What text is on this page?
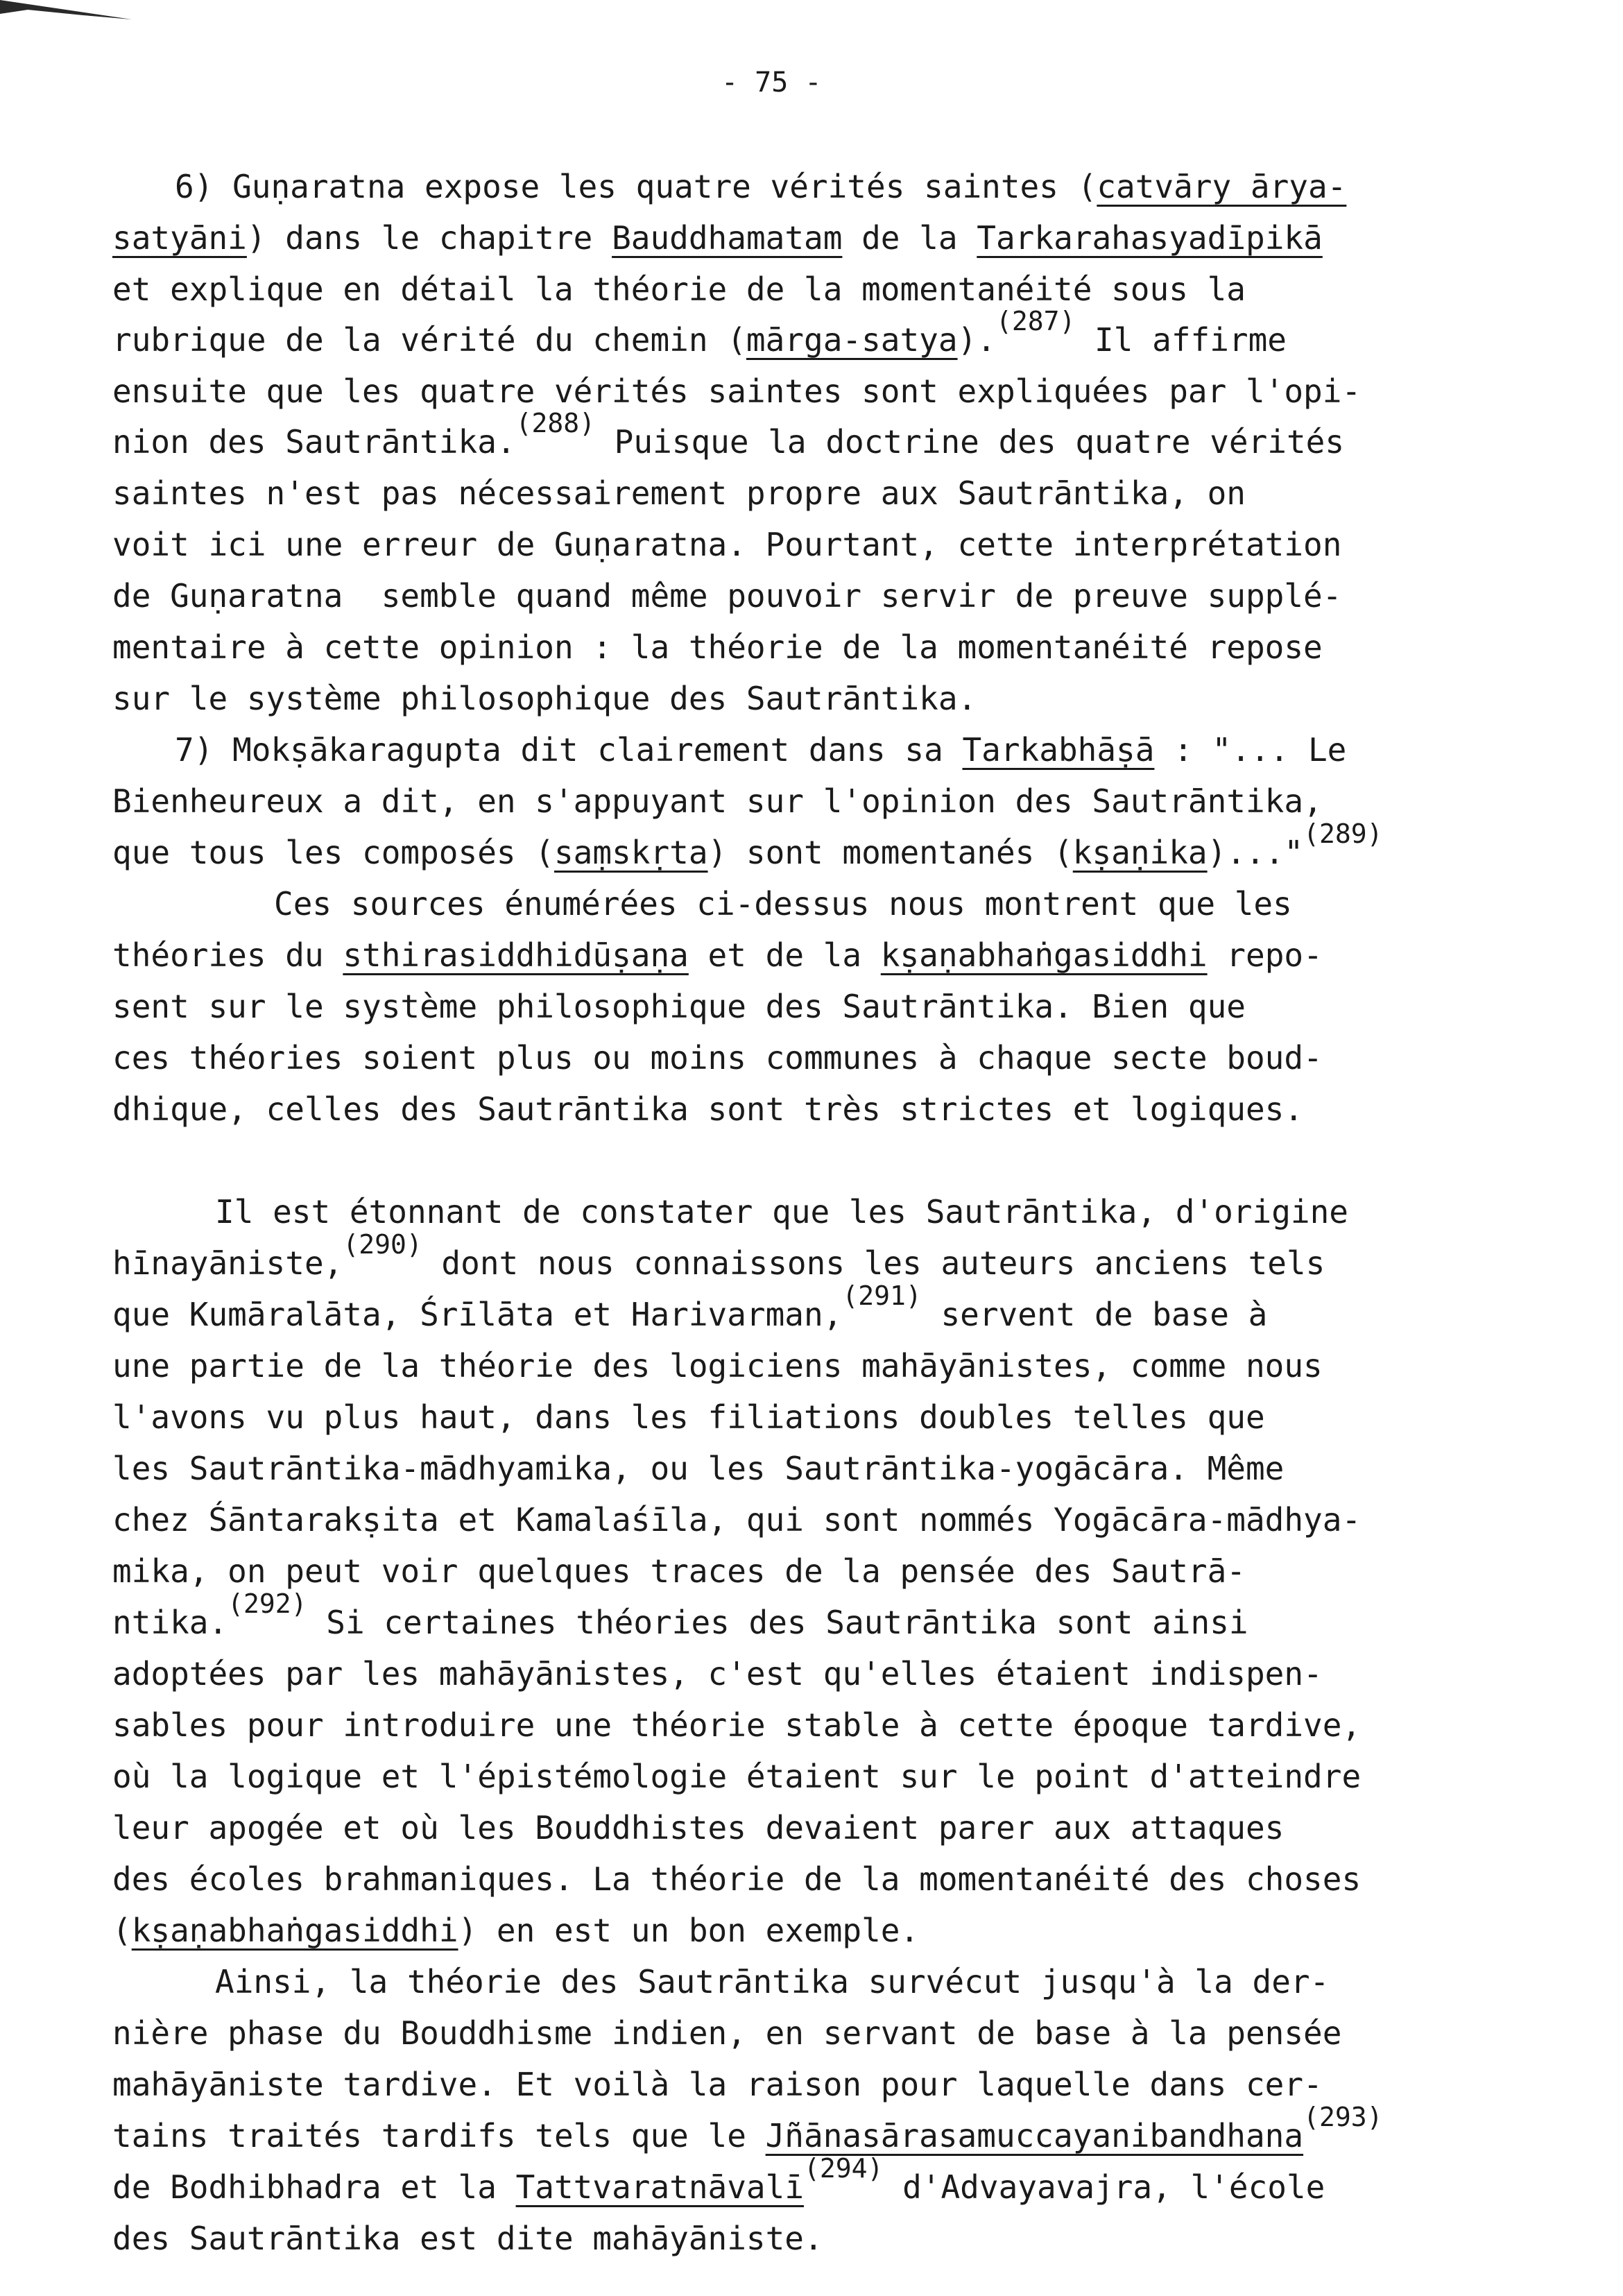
- 75 -
6) Guṇaratna expose les quatre vérités saintes (catvāry ārya-
satyāni) dans le chapitre Bauddhamatam de la Tarkarahasyadīpikā
et explique en détail la théorie de la momentanéité sous la
rubrique de la vérité du chemin (mārga-satya).$^{(287)}$ Il affirme
ensuite que les quatre vérités saintes sont expliquées par l'opi-
nion des Sautrāntika.$^{(288)}$ Puisque la doctrine des quatre vérités
saintes n'est pas nécessairement propre aux Sautrāntika, on
voit ici une erreur de Guṇaratna. Pourtant, cette interprétation
de Guṇaratna  semble quand même pouvoir servir de preuve supplé-
mentaire à cette opinion : la théorie de la momentanéité repose
sur le système philosophique des Sautrāntika.
7) Mokṣākaragupta dit clairement dans sa Tarkabhāṣā : "... Le
Bienheureux a dit, en s'appuyant sur l'opinion des Sautrāntika,
que tous les composés (saṃskṛta) sont momentanés (kṣaṇika)..."$^{(289)}$
Ces sources énumérées ci-dessus nous montrent que les
théories du sthirasiddhidūṣaṇa et de la kṣaṇabhaṅgasiddhi repo-
sent sur le système philosophique des Sautrāntika. Bien que
ces théories soient plus ou moins communes à chaque secte boud-
dhique, celles des Sautrāntika sont très strictes et logiques.
Il est étonnant de constater que les Sautrāntika, d'origine
hīnayāniste,$^{(290)}$ dont nous connaissons les auteurs anciens tels
que Kumāralāta, Śrīlāta et Harivarman,$^{(291)}$ servent de base à
une partie de la théorie des logiciens mahāyānistes, comme nous
l'avons vu plus haut, dans les filiations doubles telles que
les Sautrāntika-mādhyamika, ou les Sautrāntika-yogācāra. Même
chez Śāntarakṣita et Kamalaśīla, qui sont nommés Yogācāra-mādhya-
mika, on peut voir quelques traces de la pensée des Sautrā-
ntika.$^{(292)}$ Si certaines théories des Sautrāntika sont ainsi
adoptées par les mahāyānistes, c'est qu'elles étaient indispen-
sables pour introduire une théorie stable à cette époque tardive,
où la logique et l'épistémologie étaient sur le point d'atteindre
leur apogée et où les Bouddhistes devaient parer aux attaques
des écoles brahmaniques. La théorie de la momentanéité des choses
(kṣaṇabhaṅgasiddhi) en est un bon exemple.
Ainsi, la théorie des Sautrāntika survécut jusqu'à la der-
nière phase du Bouddhisme indien, en servant de base à la pensée
mahāyāniste tardive. Et voilà la raison pour laquelle dans cer-
tains traités tardifs tels que le Jñānasārasamuccayanibandhana$^{(293)}$
de Bodhibhadra et la Tattvaratnāvalī$^{(294)}$ d'Advayavajra, l'école
des Sautrāntika est dite mahāyāniste.
